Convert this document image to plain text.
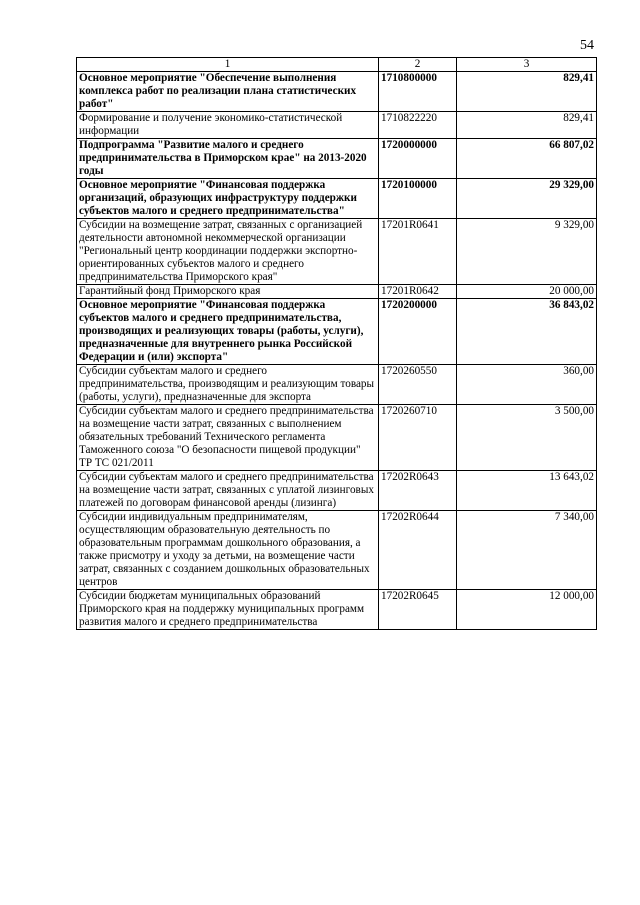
54
1	2	3
Основное мероприятие "Обеспечение выполнения комплекса работ по реализации плана статистических работ"	1710800000	829,41
Формирование и получение экономико-статистической информации	1710822220	829,41
Подпрограмма "Развитие малого и среднего предпринимательства в Приморском крае" на 2013-2020 годы	1720000000	66 807,02
Основное мероприятие "Финансовая поддержка организаций, образующих инфраструктуру поддержки субъектов малого и среднего предпринимательства"	1720100000	29 329,00
Субсидии на возмещение затрат, связанных с организацией деятельности автономной некоммерческой организации "Региональный центр координации поддержки экспортно-ориентированных субъектов малого и среднего предпринимательства Приморского края"	17201R0641	9 329,00
Гарантийный фонд Приморского края	17201R0642	20 000,00
Основное мероприятие "Финансовая поддержка субъектов малого и среднего предпринимательства, производящих и реализующих товары (работы, услуги), предназначенные для внутреннего рынка Российской Федерации и (или) экспорта"	1720200000	36 843,02
Субсидии субъектам малого и среднего предпринимательства, производящим и реализующим товары (работы, услуги), предназначенные для экспорта	1720260550	360,00
Субсидии субъектам малого и среднего предпринимательства на возмещение части затрат, связанных с выполнением обязательных требований Технического регламента Таможенного союза "О безопасности пищевой продукции" ТР ТС 021/2011	1720260710	3 500,00
Субсидии субъектам малого и среднего предпринимательства на возмещение части затрат, связанных с уплатой лизинговых платежей по договорам финансовой аренды (лизинга)	17202R0643	13 643,02
Субсидии индивидуальным предпринимателям, осуществляющим образовательную деятельность по образовательным программам дошкольного образования, а также присмотру и уходу за детьми, на возмещение части затрат, связанных с созданием дошкольных образовательных центров	17202R0644	7 340,00
Субсидии бюджетам муниципальных образований Приморского края на поддержку муниципальных программ развития малого и среднего предпринимательства	17202R0645	12 000,00
